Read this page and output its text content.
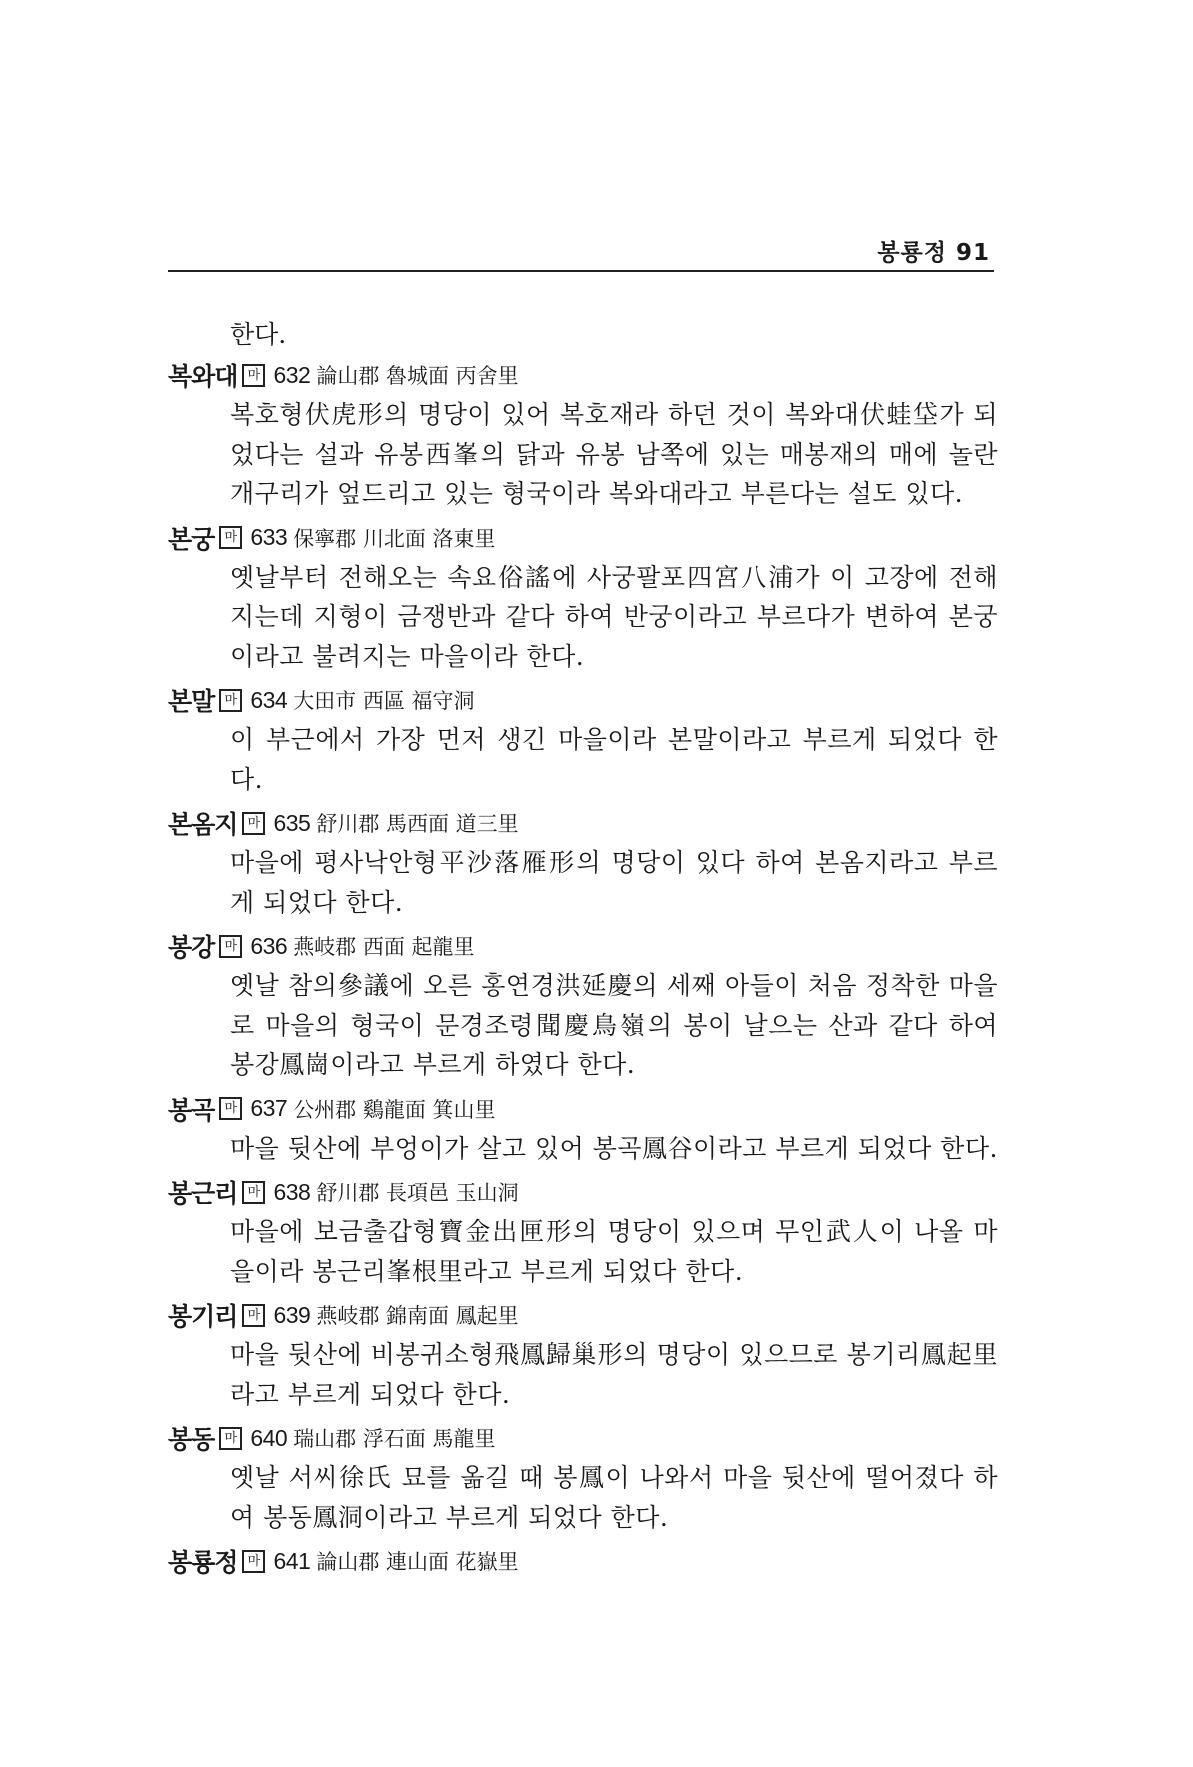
봉룡정 91
한다.
복와대 마 632 論山郡 魯城面 丙舍里
복호형伏虎形의 명당이 있어 복호재라 하던 것이 복와대伏蛙垈가 되었다는 설과 유봉西峯의 닭과 유봉 남쪽에 있는 매봉재의 매에 놀란 개구리가 엎드리고 있는 형국이라 복와대라고 부른다는 설도 있다.
본궁 마 633 保寧郡 川北面 洛東里
옛날부터 전해오는 속요俗謠에 사궁팔포四宮八浦가 이 고장에 전해지는데 지형이 금쟁반과 같다 하여 반궁이라고 부르다가 변하여 본궁이라고 불려지는 마을이라 한다.
본말 마 634 大田市 西區 福守洞
이 부근에서 가장 먼저 생긴 마을이라 본말이라고 부르게 되었다 한다.
본옴지 마 635 舒川郡 馬西面 道三里
마을에 평사낙안형平沙落雁形의 명당이 있다 하여 본옴지라고 부르게 되었다 한다.
봉강 마 636 燕岐郡 西面 起龍里
옛날 참의參議에 오른 홍연경洪延慶의 세째 아들이 처음 정착한 마을로 마을의 형국이 문경조령聞慶鳥嶺의 봉이 날으는 산과 같다 하여 봉강鳳崗이라고 부르게 하였다 한다.
봉곡 마 637 公州郡 鷄龍面 箕山里
마을 뒷산에 부엉이가 살고 있어 봉곡鳳谷이라고 부르게 되었다 한다.
봉근리 마 638 舒川郡 長項邑 玉山洞
마을에 보금출갑형寶金出匣形의 명당이 있으며 무인武人이 나올 마을이라 봉근리峯根里라고 부르게 되었다 한다.
봉기리 마 639 燕岐郡 錦南面 鳳起里
마을 뒷산에 비봉귀소형飛鳳歸巢形의 명당이 있으므로 봉기리鳳起里라고 부르게 되었다 한다.
봉동 마 640 瑞山郡 浮石面 馬龍里
옛날 서씨徐氏 묘를 옮길 때 봉鳳이 나와서 마을 뒷산에 떨어졌다 하여 봉동鳳洞이라고 부르게 되었다 한다.
봉룡정 마 641 論山郡 連山面 花嶽里
